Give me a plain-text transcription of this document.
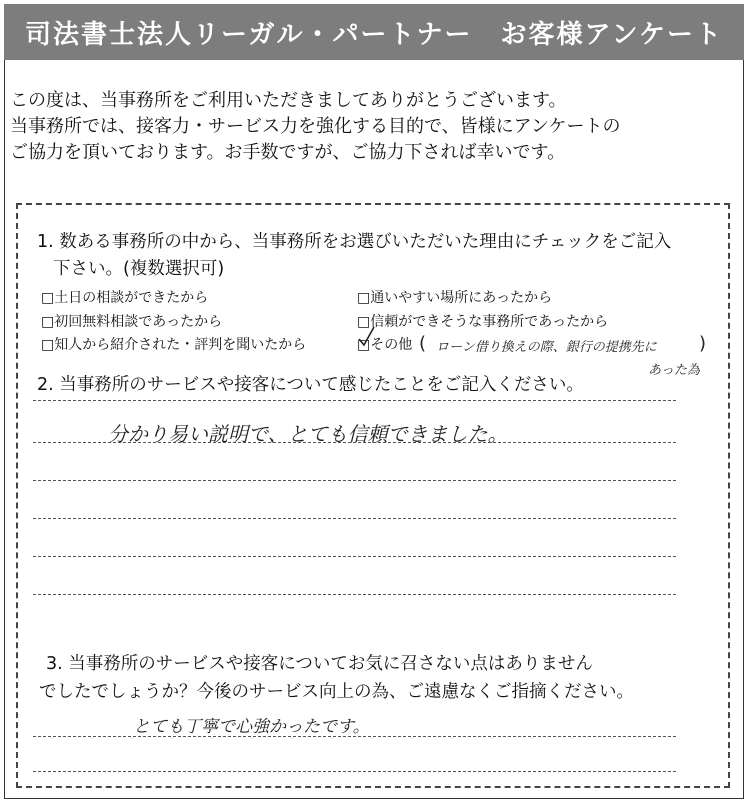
司法書士法人リーガル・パートナー　お客様アンケート
この度は、当事務所をご利用いただきましてありがとうございます。
当事務所では、接客力・サービス力を強化する目的で、皆様にアンケートの
ご協力を頂いております。お手数ですが、ご協力下されば幸いです。
1. 数ある事務所の中から、当事務所をお選びいただいた理由にチェックをご記入
下さい。(複数選択可)
□土日の相談ができたから
□初回無料相談であったから
□知人から紹介された・評判を聞いたから
□通いやすい場所にあったから
□信頼ができそうな事務所であったから
□その他 ( ローン借り換えの際、銀行の提携先に
あった為
)
2. 当事務所のサービスや接客について感じたことをご記入ください。
分かり易い説明で、とても信頼できました。
3. 当事務所のサービスや接客についてお気に召さない点はありません
でしたでしょうか？今後のサービス向上の為、ご遠慮なくご指摘ください。
とても丁寧で心強かったです。
